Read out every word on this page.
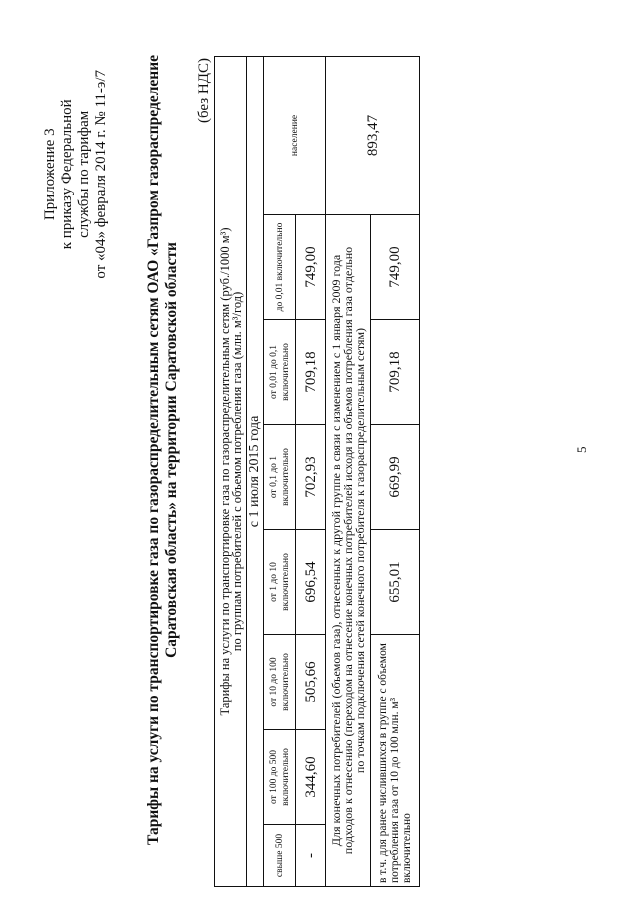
Приложение 3 к приказу Федеральной службы по тарифам от «04» февраля 2014 г. № 11-э/7 Тарифы на услуги по транспортировке газа по газораспределительным сетям ОАО «Газпром газораспределение Саратовская область» на территории Саратовской области
(без НДС)
Тарифы на услуги по транспортировке газа по газораспределительным сетям (руб./1000 м³)
по группам потребителей с объемом потребления газа (млн. м³/год)							

с 1 июля 2015 года							
свыше 500	от 100 до 500 включительно	от 10 до 100 включительно	от 1 до 10 включительно	от 0,1 до 1 включительно	от 0,01 до 0,1 включительно	до 0,01 включительно	население
-	344,60	505,66	696,54	702,93	709,18	749,00	

Для конечных потребителей (объемов газа), отнесенных к другой группе в связи с изменением с 1 января 2009 года
подходов к отнесению (переходом на отнесение конечных потребителей исходя из объемов потребления газа отдельно
по точкам подключения сетей конечного потребителя к газораспределительным сетям)							893,47
в т.ч. для ранее числившихся в группе с объемом потребления газа от 10 до 100 млн. м³ включительно			655,01	669,99	709,18	749,00	
5
